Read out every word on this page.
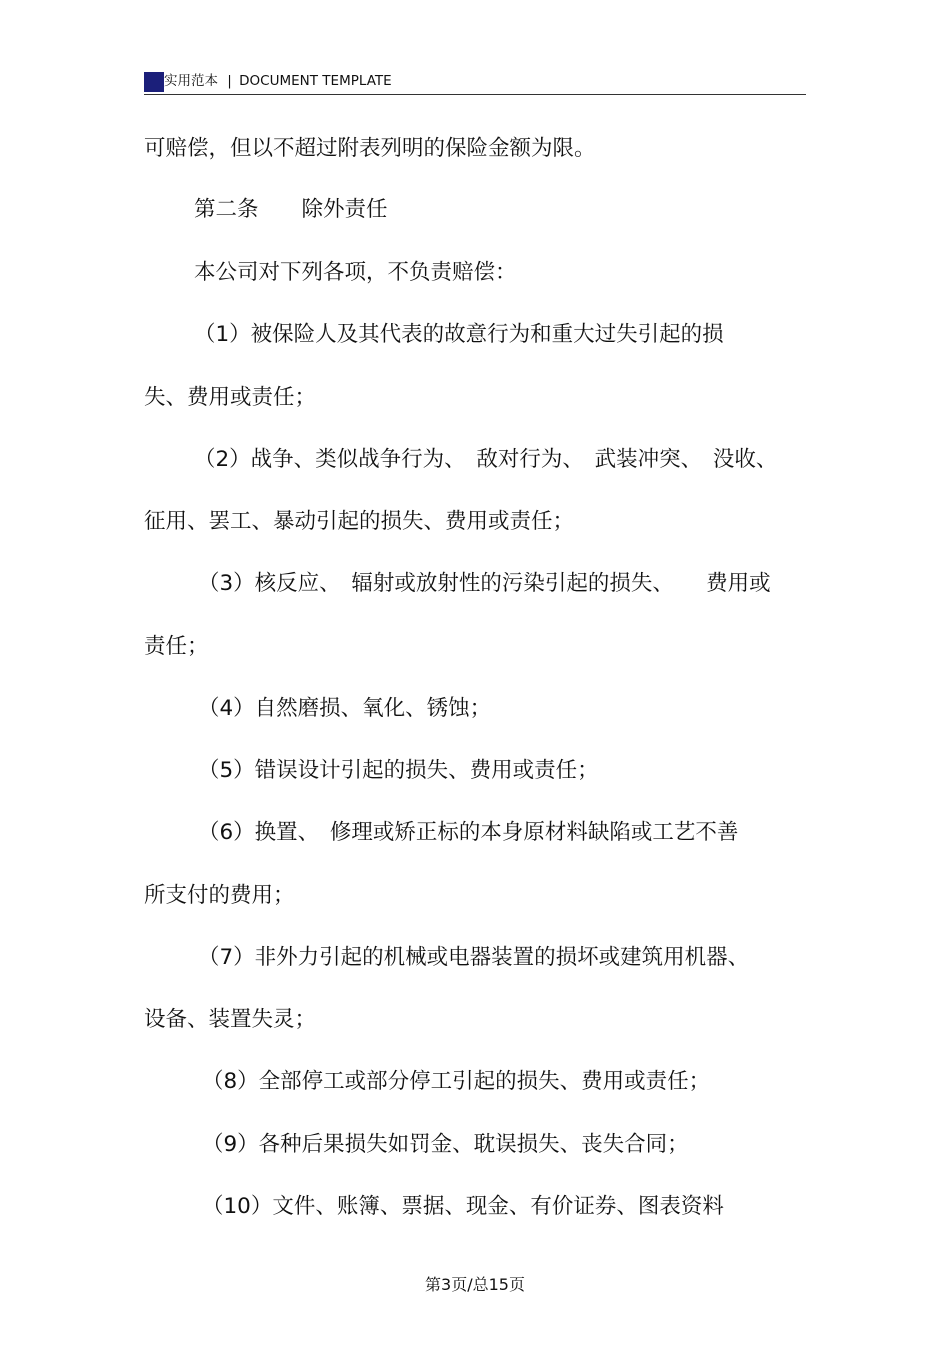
实用范本 | DOCUMENT TEMPLATE
可赔偿，但以不超过附表列明的保险金额为限。
第二条　　除外责任
本公司对下列各项，不负责赔偿：
（1）被保险人及其代表的故意行为和重大过失引起的损
失、费用或责任；
（2）战争、类似战争行为、　敌对行为、　武装冲突、　没收、
征用、罢工、暴动引起的损失、费用或责任；
（3）核反应、　辐射或放射性的污染引起的损失、　　费用或
责任；
（4）自然磨损、氧化、锈蚀；
（5）错误设计引起的损失、费用或责任；
（6）换置、　修理或矫正标的本身原材料缺陷或工艺不善
所支付的费用；
（7）非外力引起的机械或电器装置的损坏或建筑用机器、
设备、装置失灵；
（8）全部停工或部分停工引起的损失、费用或责任；
（9）各种后果损失如罚金、耽误损失、丧失合同；
（10）文件、账簿、票据、现金、有价证券、图表资料
第3页/总15页
